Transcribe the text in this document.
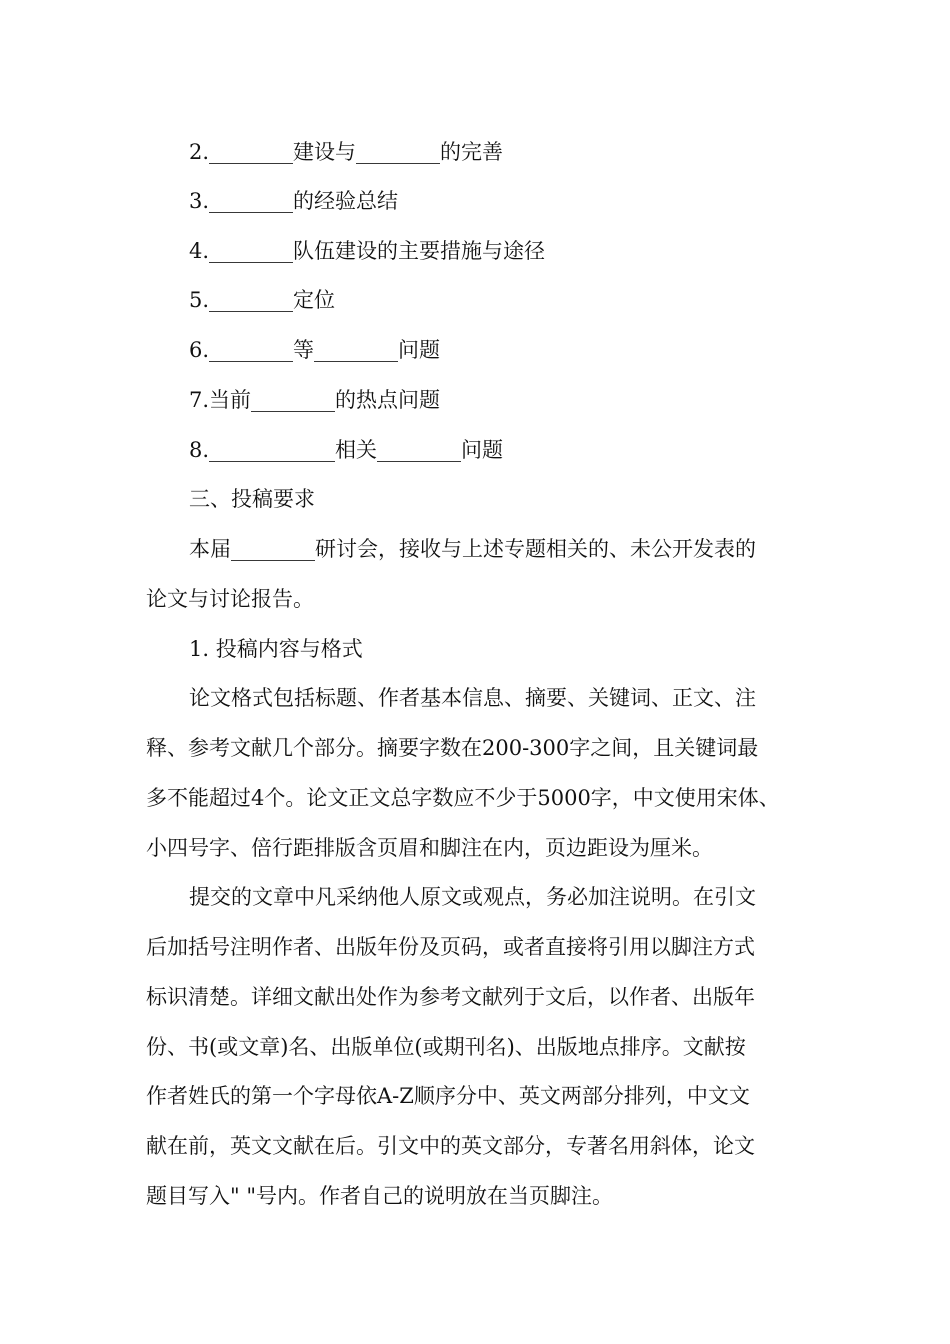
2.________建设与________的完善
3.________的经验总结
4.________队伍建设的主要措施与途径
5.________定位
6.________等________问题
7.当前________的热点问题
8.____________相关________问题
三、投稿要求
本届________研讨会，接收与上述专题相关的、未公开发表的
论文与讨论报告。
1. 投稿内容与格式
论文格式包括标题、作者基本信息、摘要、关键词、正文、注
释、参考文献几个部分。摘要字数在200-300字之间，且关键词最
多不能超过4个。论文正文总字数应不少于5000字，中文使用宋体、
小四号字、倍行距排版含页眉和脚注在内，页边距设为厘米。
提交的文章中凡采纳他人原文或观点，务必加注说明。在引文
后加括号注明作者、出版年份及页码，或者直接将引用以脚注方式
标识清楚。详细文献出处作为参考文献列于文后，以作者、出版年
份、书(或文章)名、出版单位(或期刊名)、出版地点排序。文献按
作者姓氏的第一个字母依A-Z顺序分中、英文两部分排列，中文文
献在前，英文文献在后。引文中的英文部分，专著名用斜体，论文
题目写入" "号内。作者自己的说明放在当页脚注。
